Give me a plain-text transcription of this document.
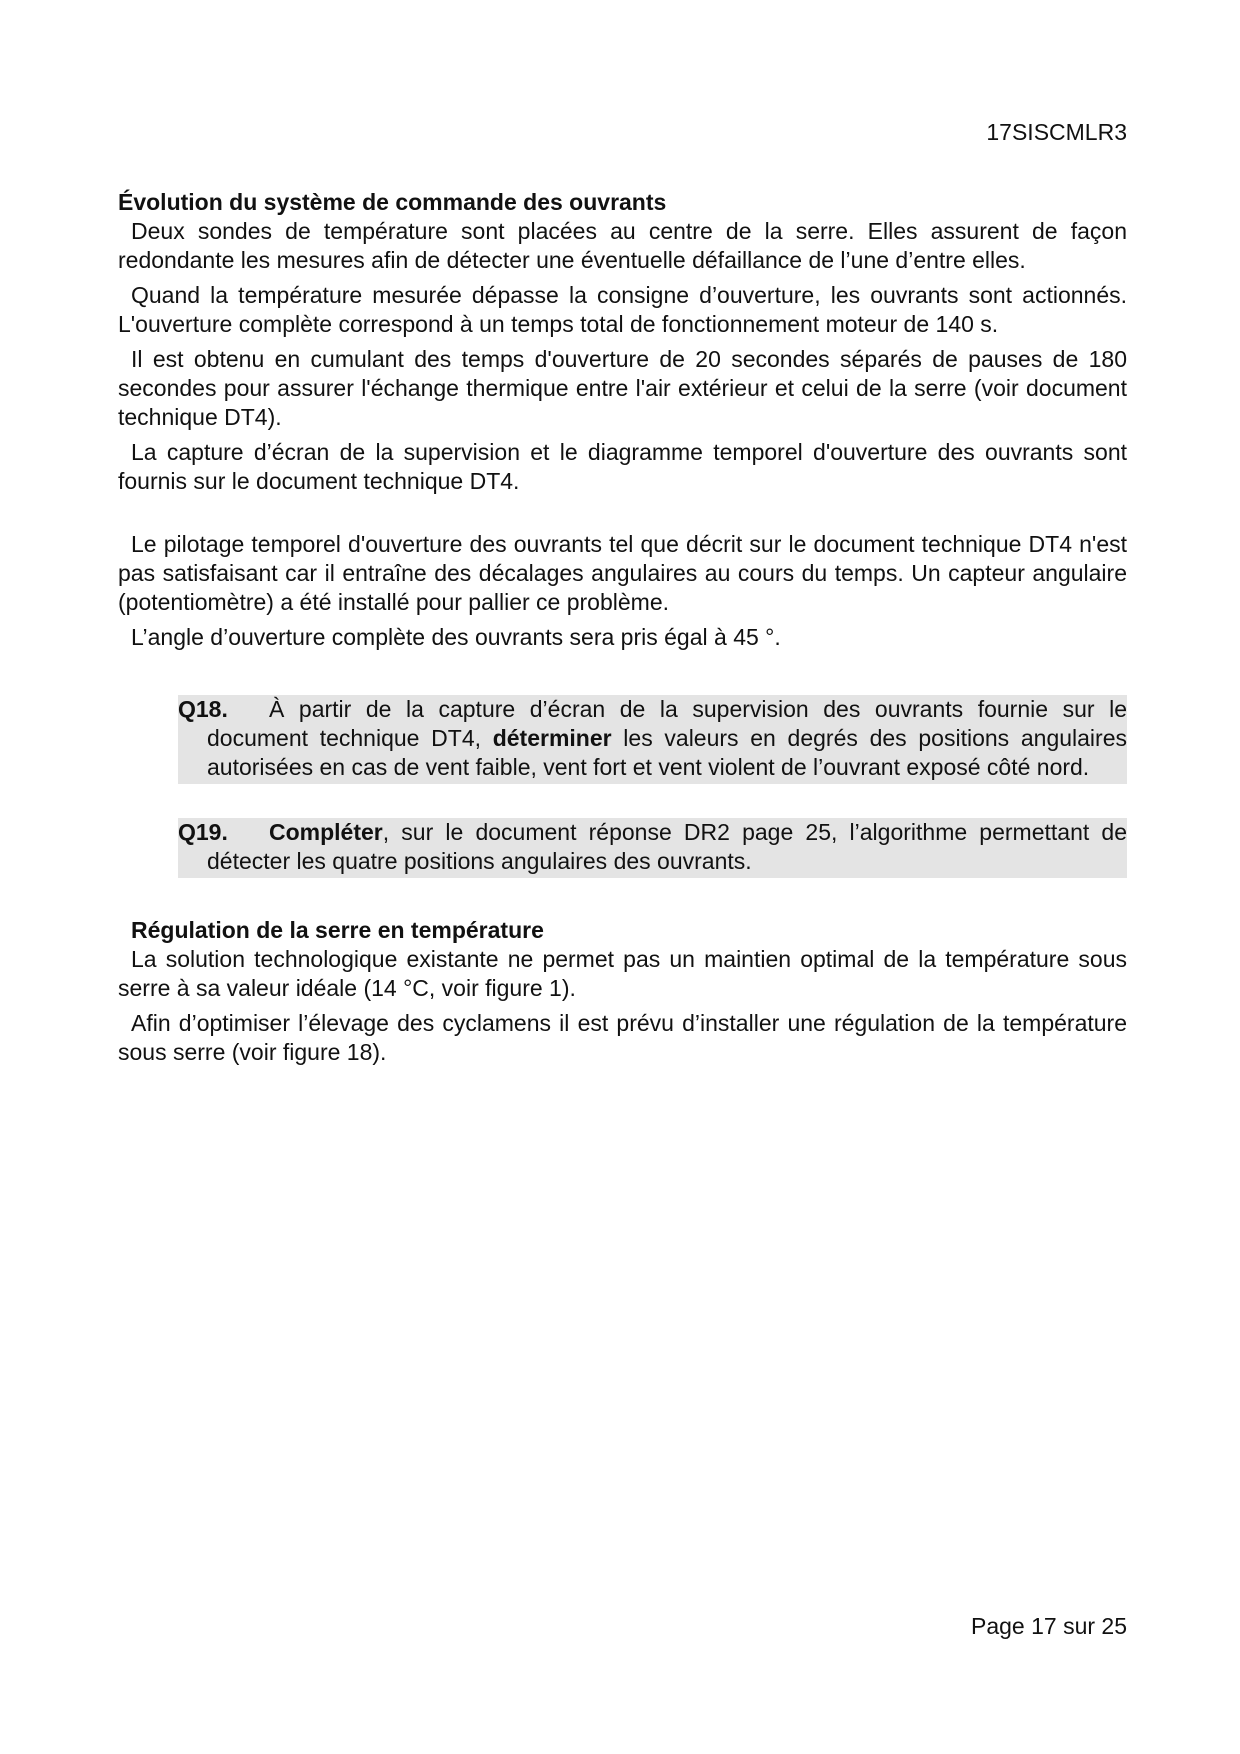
17SISCMLR3

Évolution du système de commande des ouvrants

Deux sondes de température sont placées au centre de la serre. Elles assurent de façon redondante les mesures afin de détecter une éventuelle défaillance de l’une d’entre elles.

Quand la température mesurée dépasse la consigne d’ouverture, les ouvrants sont actionnés. L'ouverture complète correspond à un temps total de fonctionnement moteur de 140 s.

Il est obtenu en cumulant des temps d'ouverture de 20 secondes séparés de pauses de 180 secondes pour assurer l'échange thermique entre l'air extérieur et celui de la serre (voir document technique DT4).

La capture d’écran de la supervision et le diagramme temporel d'ouverture des ouvrants sont fournis sur le document technique DT4.

Le pilotage temporel d'ouverture des ouvrants tel que décrit sur le document technique DT4 n'est pas satisfaisant car il entraîne des décalages angulaires au cours du temps. Un capteur angulaire (potentiomètre) a été installé pour pallier ce problème.

L’angle d’ouverture complète des ouvrants sera pris égal à 45 °.

Q18. À partir de la capture d’écran de la supervision des ouvrants fournie sur le document technique DT4, déterminer les valeurs en degrés des positions angulaires autorisées en cas de vent faible, vent fort et vent violent de l’ouvrant exposé côté nord.
Q19. Compléter, sur le document réponse DR2 page 25, l’algorithme permettant de détecter les quatre positions angulaires des ouvrants.

Régulation de la serre en température

La solution technologique existante ne permet pas un maintien optimal de la température sous serre à sa valeur idéale (14 °C, voir figure 1).

Afin d’optimiser l’élevage des cyclamens il est prévu d’installer une régulation de la température sous serre (voir figure 18).

Page 17 sur 25
